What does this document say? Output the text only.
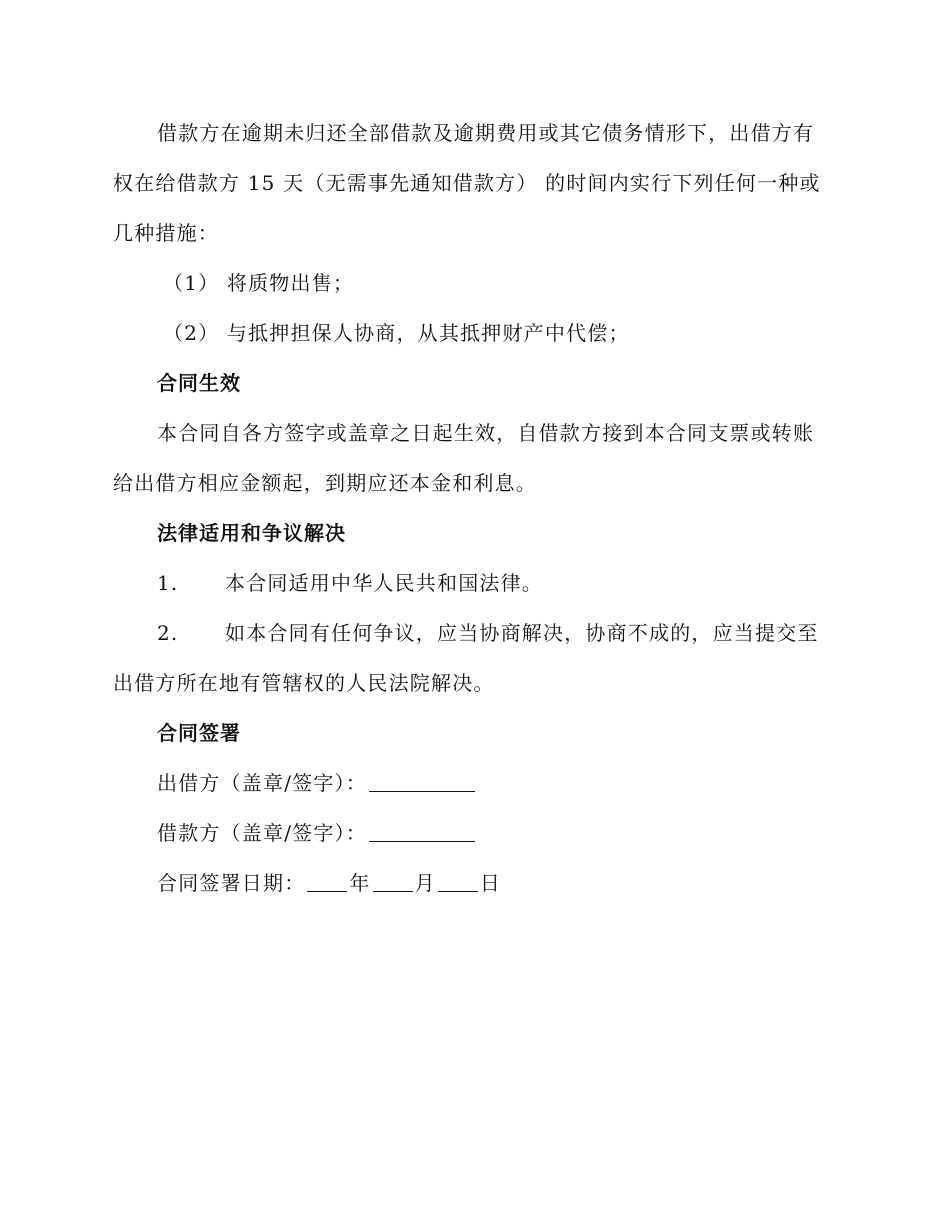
借款方在逾期未归还全部借款及逾期费用或其它债务情形下，出借方有
权在给借款方 15 天（无需事先通知借款方） 的时间内实行下列任何一种或
几种措施：
（1） 将质物出售；
（2） 与抵押担保人协商，从其抵押财产中代偿；
合同生效
本合同自各方签字或盖章之日起生效，自借款方接到本合同支票或转账
给出借方相应金额起，到期应还本金和利息。
法律适用和争议解决
1. 本合同适用中华人民共和国法律。
2. 如本合同有任何争议，应当协商解决，协商不成的，应当提交至
出借方所在地有管辖权的人民法院解决。
合同签署
出借方（盖章/签字）：
借款方（盖章/签字）：
合同签署日期： 年 月 日
